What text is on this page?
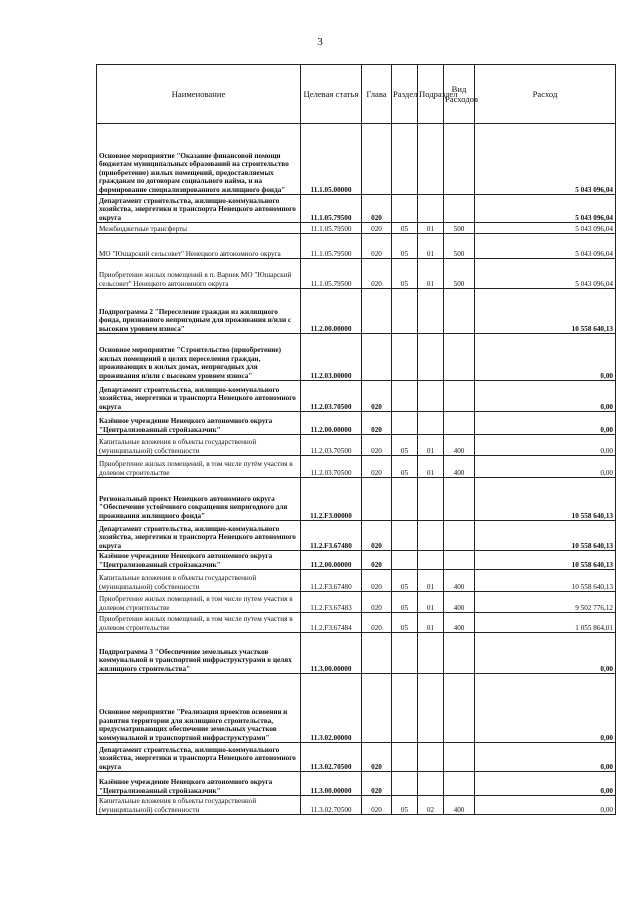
3
Наименование	Целевая статья	Глава	Раздел	Подраздел	Вид Расходов	Расход
Основное мероприятие "Оказание финансовой помощи бюджетам муниципальных образований на строительство (приобретение) жилых помещений, предоставляемых гражданам по договорам социального найма, и на формирование специализированного жилищного фонда"	11.1.05.00000					5 043 096,04
Департамент строительства, жилищно-коммунального хозяйства, энергетики и транспорта Ненецкого автономного округа	11.1.05.79500	020				5 043 096,04
Межбюджетные трансферты	11.1.05.79500	020	05	01	500	5 043 096,04
МО "Юшарский сельсовет" Ненецкого автономного округа	11.1.05.79500	020	05	01	500	5 043 096,04
Приобретение жилых помещений в п. Варнек МО "Юшарский сельсовет" Ненецкого автономного округа	11.1.05.79500	020	05	01	500	5 043 096,04
Подпрограмма 2 "Переселение граждан из жилищного фонда, признанного непригодным для проживания и/или с высоким уровнем износа"	11.2.00.00000					10 558 640,13
Основное мероприятие "Строительство (приобретение) жилых помещений в целях переселения граждан, проживающих в жилых домах, непригодных для проживания и/или с высоким уровнем износа"	11.2.03.00000					0,00
Департамент строительства, жилищно-коммунального хозяйства, энергетики и транспорта Ненецкого автономного округа	11.2.03.70500	020				0,00
Казённое учреждение Ненецкого автономного округа "Централизованный стройзаказчик"	11.2.00.00000	020				0,00
Капитальные вложения в объекты государственной (муниципальной) собственности	11.2.03.70500	020	05	01	400	0,00
Приобретение жилых помещений, в том числе путём участия в долевом строительстве	11.2.03.70500	020	05	01	400	0,00
Региональный проект Ненецкого автономного округа "Обеспечение устойчивого сокращения непригодного для проживания жилищного фонда"	11.2.F3.00000					10 558 640,13
Департамент строительства, жилищно-коммунального хозяйства, энергетики и транспорта Ненецкого автономного округа	11.2.F3.67480	020				10 558 640,13
Казённое учреждение Ненецкого автономного округа "Централизованный стройзаказчик"	11.2.00.00000	020				10 558 640,13
Капитальные вложения в объекты государственной (муниципальной) собственности	11.2.F3.67480	020	05	01	400	10 558 640,13
Приобретение жилых помещений, в том числе путем участия в долевом строительстве	11.2.F3.67483	020	05	01	400	9 502 776,12
Приобретение жилых помещений, в том числе путем участия в долевом строительстве	11.2.F3.67484	020	05	01	400	1 055 864,01
Подпрограмма 3 "Обеспечение земельных участков коммунальной и транспортной инфраструктурами в целях жилищного строительства"	11.3.00.00000					0,00
Основное мероприятие "Реализация проектов освоения и развития территории для жилищного строительства, предусматривающих обеспечение земельных участков коммунальной и транспортной инфраструктурами"	11.3.02.00000					0,00
Департамент строительства, жилищно-коммунального хозяйства, энергетики и транспорта Ненецкого автономного округа	11.3.02.70500	020				0,00
Казённое учреждение Ненецкого автономного округа "Централизованный стройзаказчик"	11.3.00.00000	020				0,00
Капитальные вложения в объекты государственной (муниципальной) собственности	11.3.02.70500	020	05	02	400	0,00
